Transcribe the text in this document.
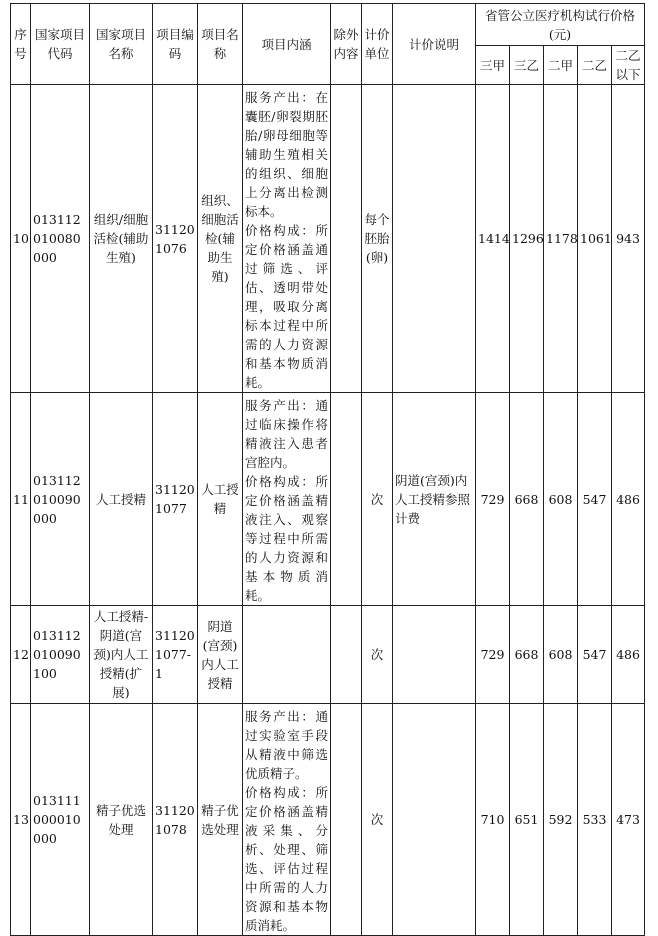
序号	国家项目代码	国家项目名称	项目编码	项目名称	项目内涵	除外内容	计价单位	计价说明	省管公立医疗机构试行价格(元)				
									三甲	三乙	二甲	二乙	二乙以下
10	013112010080000	组织/细胞活检(辅助生殖)	311201076	组织、细胞活检(辅助生殖)	服务产出：在囊胚/卵裂期胚胎/卵母细胞等辅助生殖相关的组织、细胞上分离出检测标本。
价格构成：所定价格涵盖通过筛选、评估、透明带处理，吸取分离标本过程中所需的人力资源和基本物质消耗。		每个胚胎(卵)		1414	1296	1178	1061	943
11	013112010090000	人工授精	311201077	人工授精	服务产出：通过临床操作将精液注入患者宫腔内。
价格构成：所定价格涵盖精液注入、观察等过程中所需的人力资源和基本物质消耗。		次	阴道(宫颈)内人工授精参照计费	729	668	608	547	486
12	013112010090100	人工授精-阴道(宫颈)内人工授精(扩展)	311201077-1	阴道(宫颈)内人工授精			次		729	668	608	547	486
13	013111000010000	精子优选处理	311201078	精子优选处理	服务产出：通过实验室手段从精液中筛选优质精子。
价格构成：所定价格涵盖精液采集、分析、处理、筛选、评估过程中所需的人力资源和基本物质消耗。		次		710	651	592	533	473
